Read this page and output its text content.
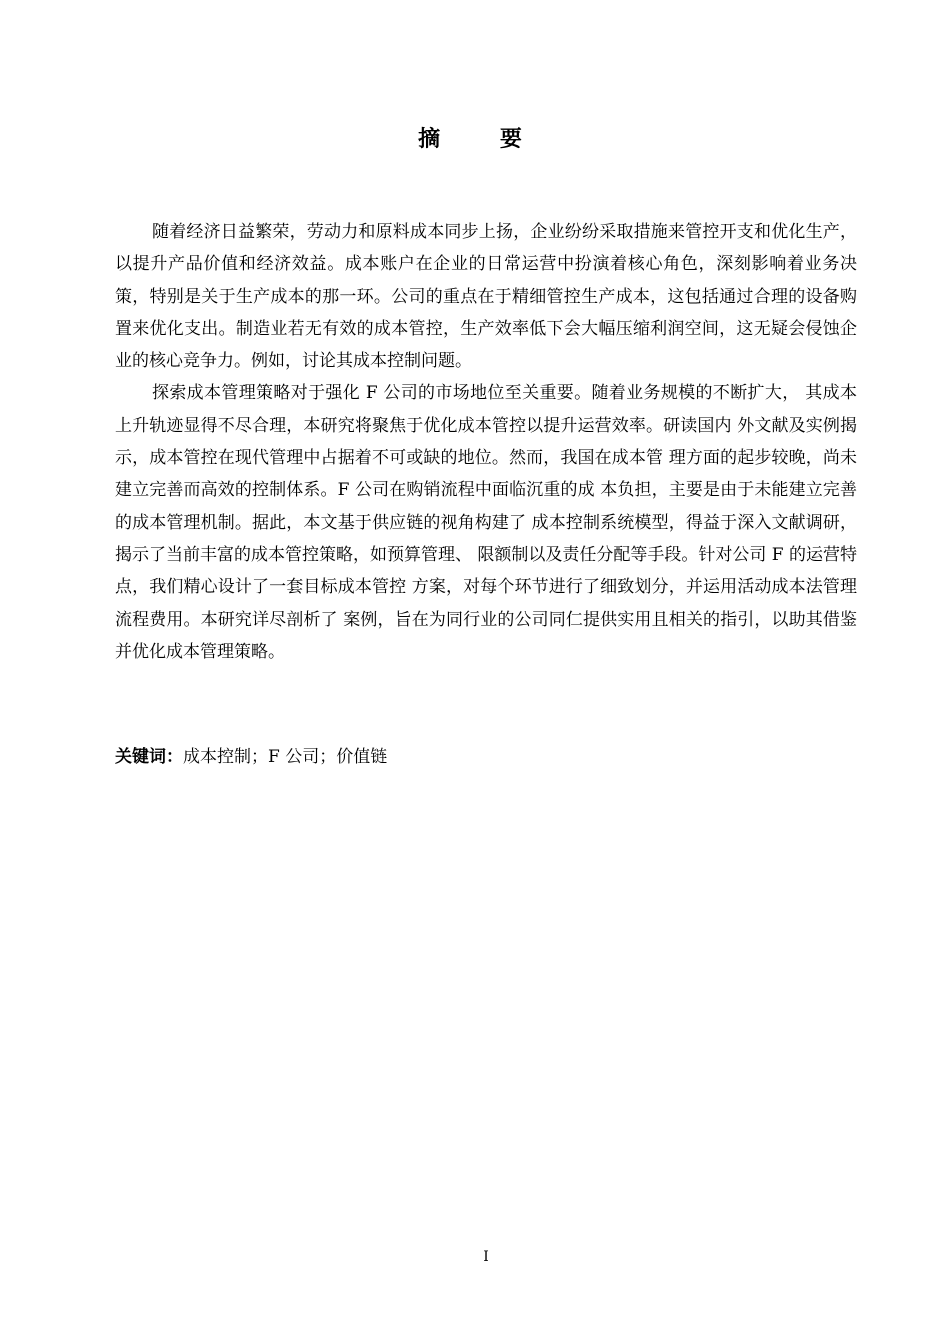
摘 要

随着经济日益繁荣，劳动力和原料成本同步上扬，企业纷纷采取措施来管控开支和优化生产，以提升产品价值和经济效益。成本账户在企业的日常运营中扮演着核心角色，深刻影响着业务决策，特别是关于生产成本的那一环。公司的重点在于精细管控生产成本，这包括通过合理的设备购置来优化支出。制造业若无有效的成本管控，生产效率低下会大幅压缩利润空间，这无疑会侵蚀企业的核心竞争力。例如，讨论其成本控制问题。

探索成本管理策略对于强化 F 公司的市场地位至关重要。随着业务规模的不断扩大， 其成本上升轨迹显得不尽合理，本研究将聚焦于优化成本管控以提升运营效率。研读国内 外文献及实例揭示，成本管控在现代管理中占据着不可或缺的地位。然而，我国在成本管 理方面的起步较晚，尚未建立完善而高效的控制体系。F 公司在购销流程中面临沉重的成 本负担，主要是由于未能建立完善的成本管理机制。据此，本文基于供应链的视角构建了 成本控制系统模型，得益于深入文献调研，揭示了当前丰富的成本管控策略，如预算管理、 限额制以及责任分配等手段。针对公司 F 的运营特点，我们精心设计了一套目标成本管控 方案，对每个环节进行了细致划分，并运用活动成本法管理流程费用。本研究详尽剖析了 案例，旨在为同行业的公司同仁提供实用且相关的指引，以助其借鉴并优化成本管理策略。

关键词：成本控制；F 公司；价值链
I
